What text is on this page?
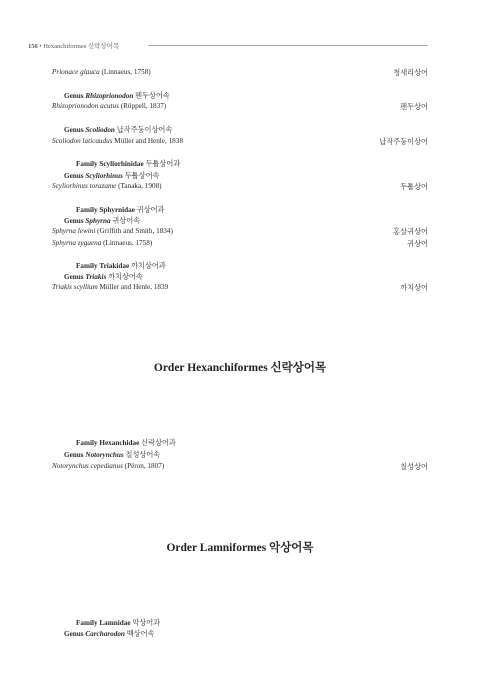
156 • Hexanchiformes 신락상어목
Prionace glauca (Linnaeus, 1758)	청새리상어
Genus Rhizoprionodon 펜두상어속
Rhizoprionodon acutus (Rüppell, 1837)	펜두상어
Genus Scoliodon 납작주둥이상어속
Scoliodon laticaudus Müller and Henle, 1838	납작주둥이상어
Family Scyliorhinidae 두툽상어과
Genus Scyliorhinus 두툽상어속
Scyliorhinus torazame (Tanaka, 1908)	두툽상어
Family Sphyrnidae 귀상어과
Genus Sphyrna 귀상어속
Sphyrna lewini (Griffith and Smith, 1834)	홍살귀상어
Sphyrna zygaena (Linnaeus, 1758)	귀상어
Family Triakidae 까치상어과
Genus Triakis 까치상어속
Triakis scyllium Müller and Henle, 1839	까치상어
Order Hexanchiformes 신락상어목
Family Hexanchidae 신락상어과
Genus Notorynchus 칠성상어속
Notorynchus cepedianus (Péron, 1807)	칠성상어
Order Lamniformes 악상어목
Family Lamnidae 악상어과
Genus Carcharodon 백상어속
